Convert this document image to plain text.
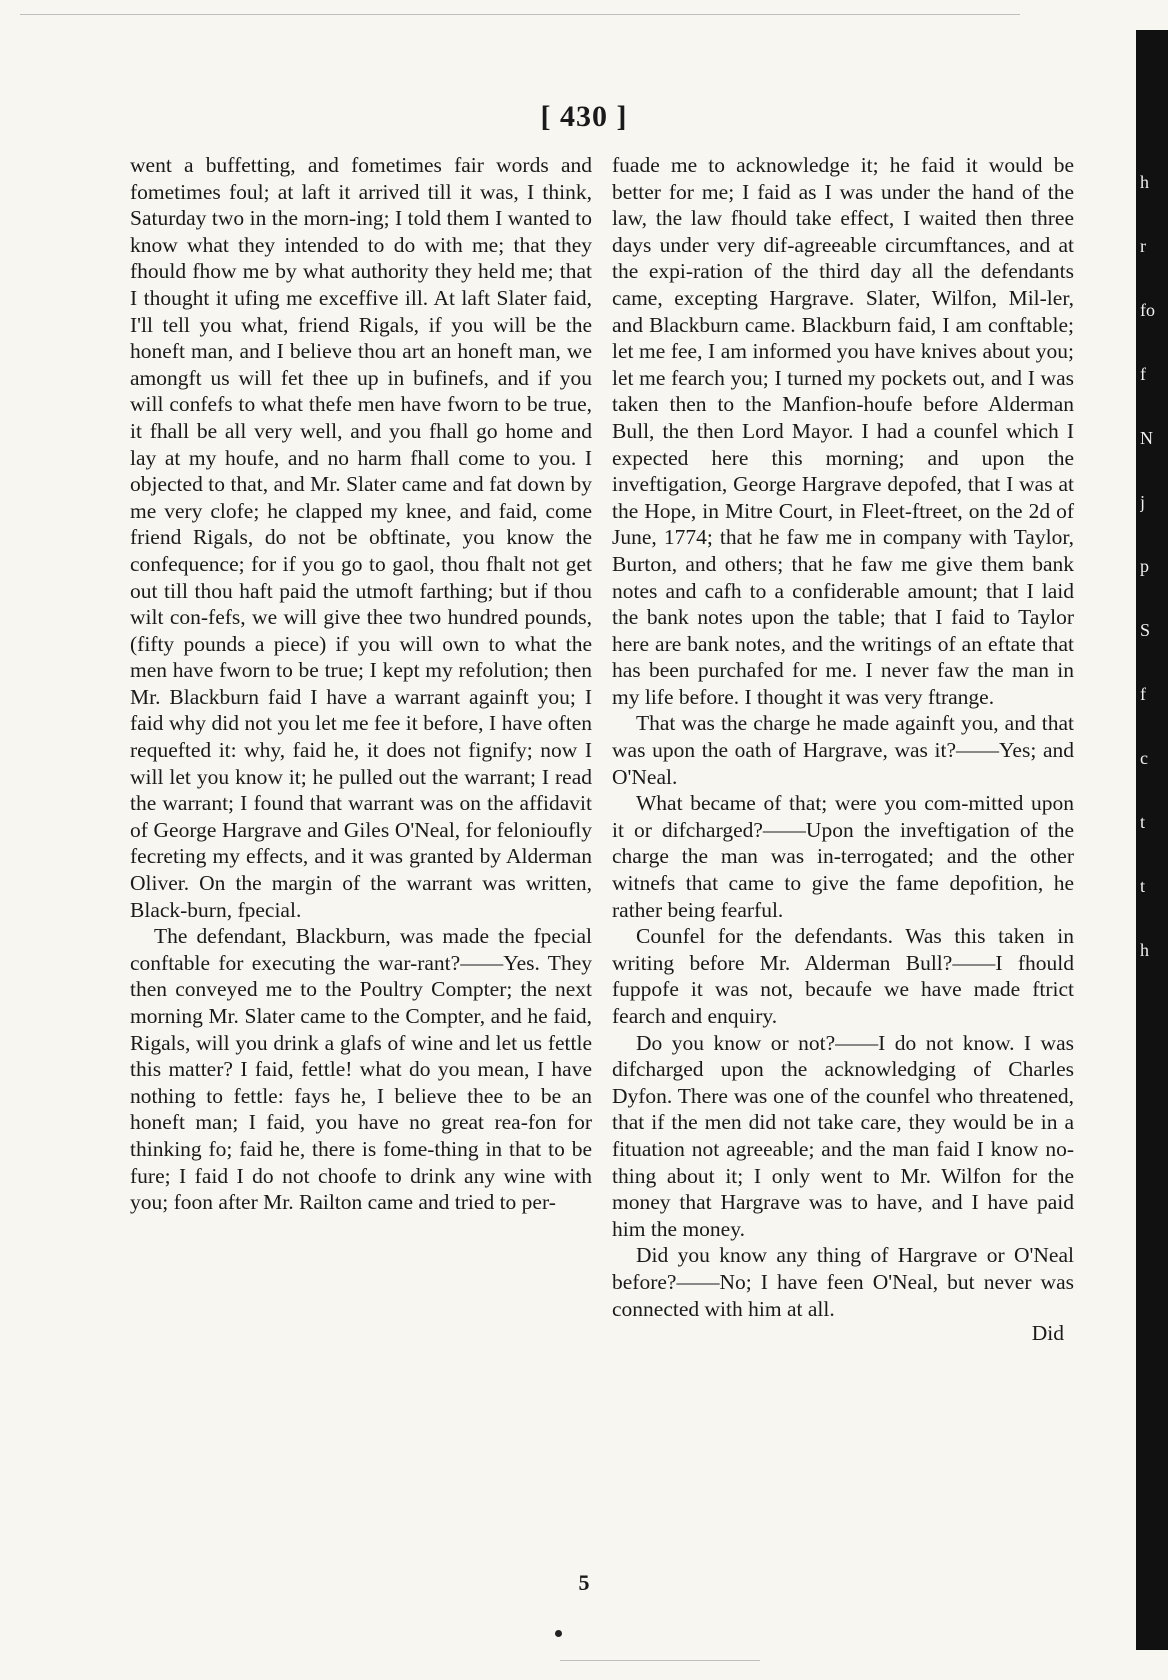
[ 430 ]

went a buffetting, and fometimes fair words and fometimes foul; at laft it arrived till it was, I think, Saturday two in the morn-ing; I told them I wanted to know what they intended to do with me; that they fhould fhow me by what authority they held me; that I thought it ufing me exceffive ill. At laft Slater faid, I'll tell you what, friend Rigals, if you will be the honeft man, and I believe thou art an honeft man, we amongft us will fet thee up in bufinefs, and if you will confefs to what thefe men have fworn to be true, it fhall be all very well, and you fhall go home and lay at my houfe, and no harm fhall come to you. I objected to that, and Mr. Slater came and fat down by me very clofe; he clapped my knee, and faid, come friend Rigals, do not be obftinate, you know the confequence; for if you go to gaol, thou fhalt not get out till thou haft paid the utmoft farthing; but if thou wilt con-fefs, we will give thee two hundred pounds, (fifty pounds a piece) if you will own to what the men have fworn to be true; I kept my refolution; then Mr. Blackburn faid I have a warrant againft you; I faid why did not you let me fee it before, I have often requefted it: why, faid he, it does not fignify; now I will let you know it; he pulled out the warrant; I read the warrant; I found that warrant was on the affidavit of George Hargrave and Giles O'Neal, for felonioufly fecreting my effects, and it was granted by Alderman Oliver. On the margin of the warrant was written, Black-burn, fpecial.

The defendant, Blackburn, was made the fpecial conftable for executing the war-rant?——Yes. They then conveyed me to the Poultry Compter; the next morning Mr. Slater came to the Compter, and he faid, Rigals, will you drink a glafs of wine and let us fettle this matter? I faid, fettle! what do you mean, I have nothing to fettle: fays he, I believe thee to be an honeft man; I faid, you have no great rea-fon for thinking fo; faid he, there is fome-thing in that to be fure; I faid I do not choofe to drink any wine with you; foon after Mr. Railton came and tried to per-

fuade me to acknowledge it; he faid it would be better for me; I faid as I was under the hand of the law, the law fhould take effect, I waited then three days under very dif-agreeable circumftances, and at the expi-ration of the third day all the defendants came, excepting Hargrave. Slater, Wilfon, Mil-ler, and Blackburn came. Blackburn faid, I am conftable; let me fee, I am informed you have knives about you; let me fearch you; I turned my pockets out, and I was taken then to the Manfion-houfe before Alderman Bull, the then Lord Mayor. I had a counfel which I expected here this morning; and upon the inveftigation, George Hargrave depofed, that I was at the Hope, in Mitre Court, in Fleet-ftreet, on the 2d of June, 1774; that he faw me in company with Taylor, Burton, and others; that he faw me give them bank notes and cafh to a confiderable amount; that I laid the bank notes upon the table; that I faid to Taylor here are bank notes, and the writings of an eftate that has been purchafed for me. I never faw the man in my life before. I thought it was very ftrange.

That was the charge he made againft you, and that was upon the oath of Hargrave, was it?——Yes; and O'Neal.

What became of that; were you com-mitted upon it or difcharged?——Upon the inveftigation of the charge the man was in-terrogated; and the other witnefs that came to give the fame depofition, he rather being fearful.

Counfel for the defendants. Was this taken in writing before Mr. Alderman Bull?——I fhould fuppofe it was not, becaufe we have made ftrict fearch and enquiry.

Do you know or not?——I do not know. I was difcharged upon the acknowledging of Charles Dyfon. There was one of the counfel who threatened, that if the men did not take care, they would be in a fituation not agreeable; and the man faid I know no-thing about it; I only went to Mr. Wilfon for the money that Hargrave was to have, and I have paid him the money.

Did you know any thing of Hargrave or O'Neal before?——No; I have feen O'Neal, but never was connected with him at all.

Did
5
h
r
fo
f
N
j
p
S
f
c
t
t
h
